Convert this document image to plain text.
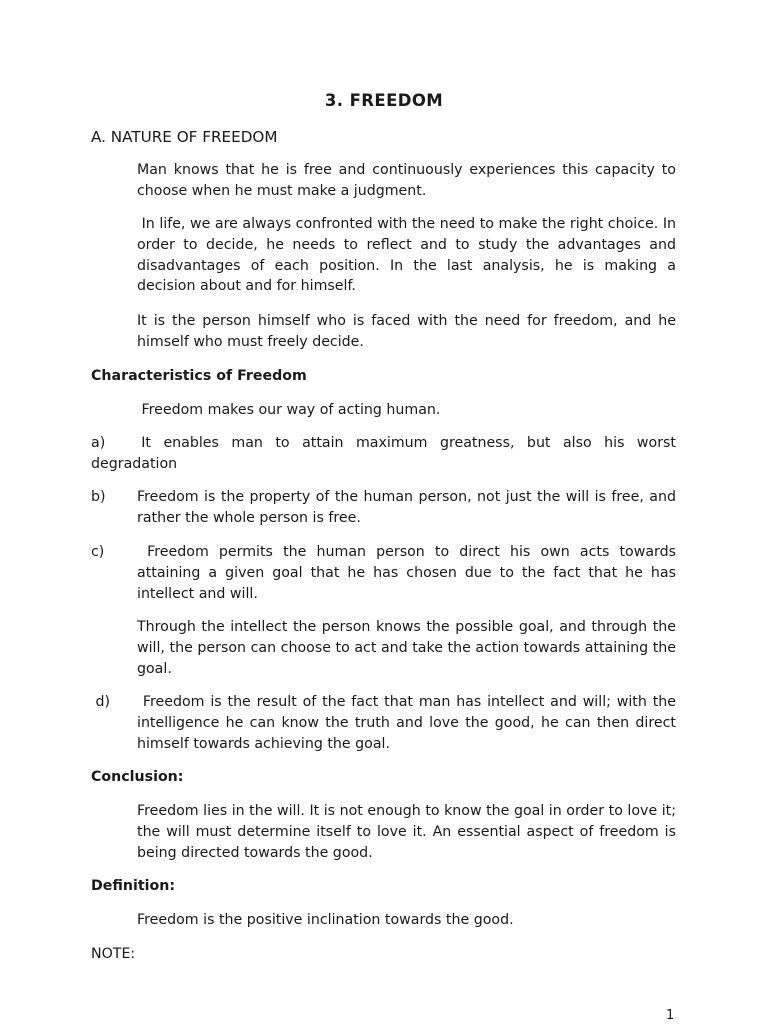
3. FREEDOM
A. NATURE OF FREEDOM
Man knows that he is free and continuously experiences this capacity to choose when he must make a judgment.
In life, we are always confronted with the need to make the right choice. In order to decide, he needs to reflect and to study the advantages and disadvantages of each position. In the last analysis, he is making a decision about and for himself.
It is the person himself who is faced with the need for freedom, and he himself who must freely decide.
Characteristics of Freedom
Freedom makes our way of acting human.
a)	It enables man to attain maximum greatness, but also his worst degradation
b) Freedom is the property of the human person, not just the will is free, and rather the whole person is free.
c) Freedom permits the human person to direct his own acts towards attaining a given goal that he has chosen due to the fact that he has intellect and will.
Through the intellect the person knows the possible goal, and through the will, the person can choose to act and take the action towards attaining the goal.
d) Freedom is the result of the fact that man has intellect and will; with the intelligence he can know the truth and love the good, he can then direct himself towards achieving the goal.
Conclusion:
Freedom lies in the will. It is not enough to know the goal in order to love it; the will must determine itself to love it. An essential aspect of freedom is being directed towards the good.
Definition:
Freedom is the positive inclination towards the good.
NOTE:
1
